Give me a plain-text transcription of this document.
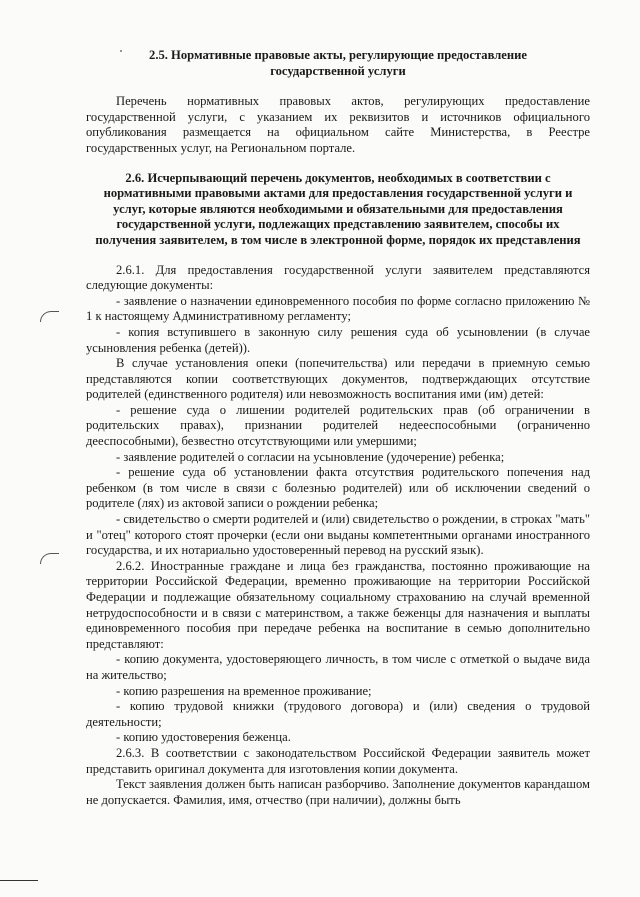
2.5. Нормативные правовые акты, регулирующие предоставление
государственной услуги

Перечень нормативных правовых актов, регулирующих предоставление государственной услуги, с указанием их реквизитов и источников официального опубликования размещается на официальном сайте Министерства, в Реестре государственных услуг, на Региональном портале.

2.6. Исчерпывающий перечень документов, необходимых в соответствии с нормативными правовыми актами для предоставления государственной услуги и услуг, которые являются необходимыми и обязательными для предоставления государственной услуги, подлежащих представлению заявителем, способы их получения заявителем, в том числе в электронной форме, порядок их представления

2.6.1. Для предоставления государственной услуги заявителем представляются следующие документы:

- заявление о назначении единовременного пособия по форме согласно приложению № 1 к настоящему Административному регламенту;

- копия вступившего в законную силу решения суда об усыновлении (в случае усыновления ребенка (детей)).

В случае установления опеки (попечительства) или передачи в приемную семью представляются копии соответствующих документов, подтверждающих отсутствие родителей (единственного родителя) или невозможность воспитания ими (им) детей:

- решение суда о лишении родителей родительских прав (об ограничении в родительских правах), признании родителей недееспособными (ограниченно дееспособными), безвестно отсутствующими или умершими;

- заявление родителей о согласии на усыновление (удочерение) ребенка;

- решение суда об установлении факта отсутствия родительского попечения над ребенком (в том числе в связи с болезнью родителей) или об исключении сведений о родителе (лях) из актовой записи о рождении ребенка;

- свидетельство о смерти родителей и (или) свидетельство о рождении, в строках "мать" и "отец" которого стоят прочерки (если они выданы компетентными органами иностранного государства, и их нотариально удостоверенный перевод на русский язык).

2.6.2. Иностранные граждане и лица без гражданства, постоянно проживающие на территории Российской Федерации, временно проживающие на территории Российской Федерации и подлежащие обязательному социальному страхованию на случай временной нетрудоспособности и в связи с материнством, а также беженцы для назначения и выплаты единовременного пособия при передаче ребенка на воспитание в семью дополнительно представляют:

- копию документа, удостоверяющего личность, в том числе с отметкой о выдаче вида на жительство;

- копию разрешения на временное проживание;

- копию трудовой книжки (трудового договора) и (или) сведения о трудовой деятельности;

- копию удостоверения беженца.

2.6.3. В соответствии с законодательством Российской Федерации заявитель может представить оригинал документа для изготовления копии документа.

Текст заявления должен быть написан разборчиво. Заполнение документов карандашом не допускается. Фамилия, имя, отчество (при наличии), должны быть
